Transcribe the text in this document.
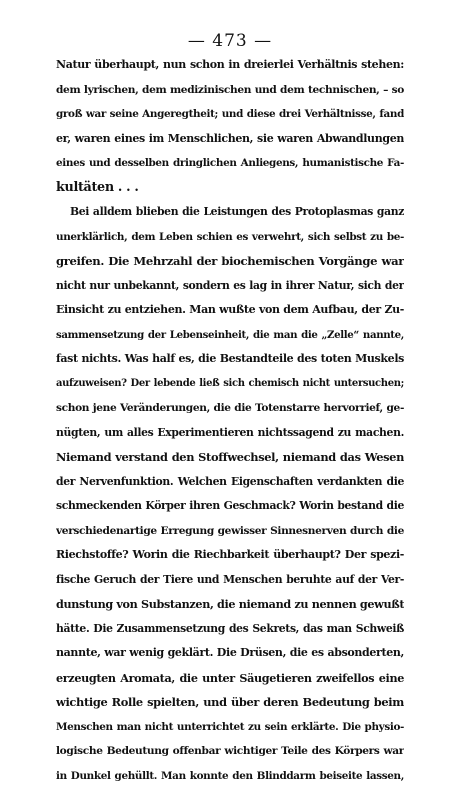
— 473 —
Natur überhaupt, nun schon in dreierlei Verhältnis stehen:
dem lyrischen, dem medizinischen und dem technischen, – so
groß war seine Angeregtheit; und diese drei Verhältnisse, fand
er, waren eines im Menschlichen, sie waren Abwandlungen
eines und desselben dringlichen Anliegens, humanistische Fa-
kultäten . . .
Bei alldem blieben die Leistungen des Protoplasmas ganz
unerklärlich, dem Leben schien es verwehrt, sich selbst zu be-
greifen. Die Mehrzahl der biochemischen Vorgänge war
nicht nur unbekannt, sondern es lag in ihrer Natur, sich der
Einsicht zu entziehen. Man wußte von dem Aufbau, der Zu-
sammensetzung der Lebenseinheit, die man die „Zelle“ nannte,
fast nichts. Was half es, die Bestandteile des toten Muskels
aufzuweisen? Der lebende ließ sich chemisch nicht untersuchen;
schon jene Veränderungen, die die Totenstarre hervorrief, ge-
nügten, um alles Experimentieren nichtssagend zu machen.
Niemand verstand den Stoffwechsel, niemand das Wesen
der Nervenfunktion. Welchen Eigenschaften verdankten die
schmeckenden Körper ihren Geschmack? Worin bestand die
verschiedenartige Erregung gewisser Sinnesnerven durch die
Riechstoffe? Worin die Riechbarkeit überhaupt? Der spezi-
fische Geruch der Tiere und Menschen beruhte auf der Ver-
dunstung von Substanzen, die niemand zu nennen gewußt
hätte. Die Zusammensetzung des Sekrets, das man Schweiß
nannte, war wenig geklärt. Die Drüsen, die es absonderten,
erzeugten Aromata, die unter Säugetieren zweifellos eine
wichtige Rolle spielten, und über deren Bedeutung beim
Menschen man nicht unterrichtet zu sein erklärte. Die physio-
logische Bedeutung offenbar wichtiger Teile des Körpers war
in Dunkel gehüllt. Man konnte den Blinddarm beiseite lassen,
